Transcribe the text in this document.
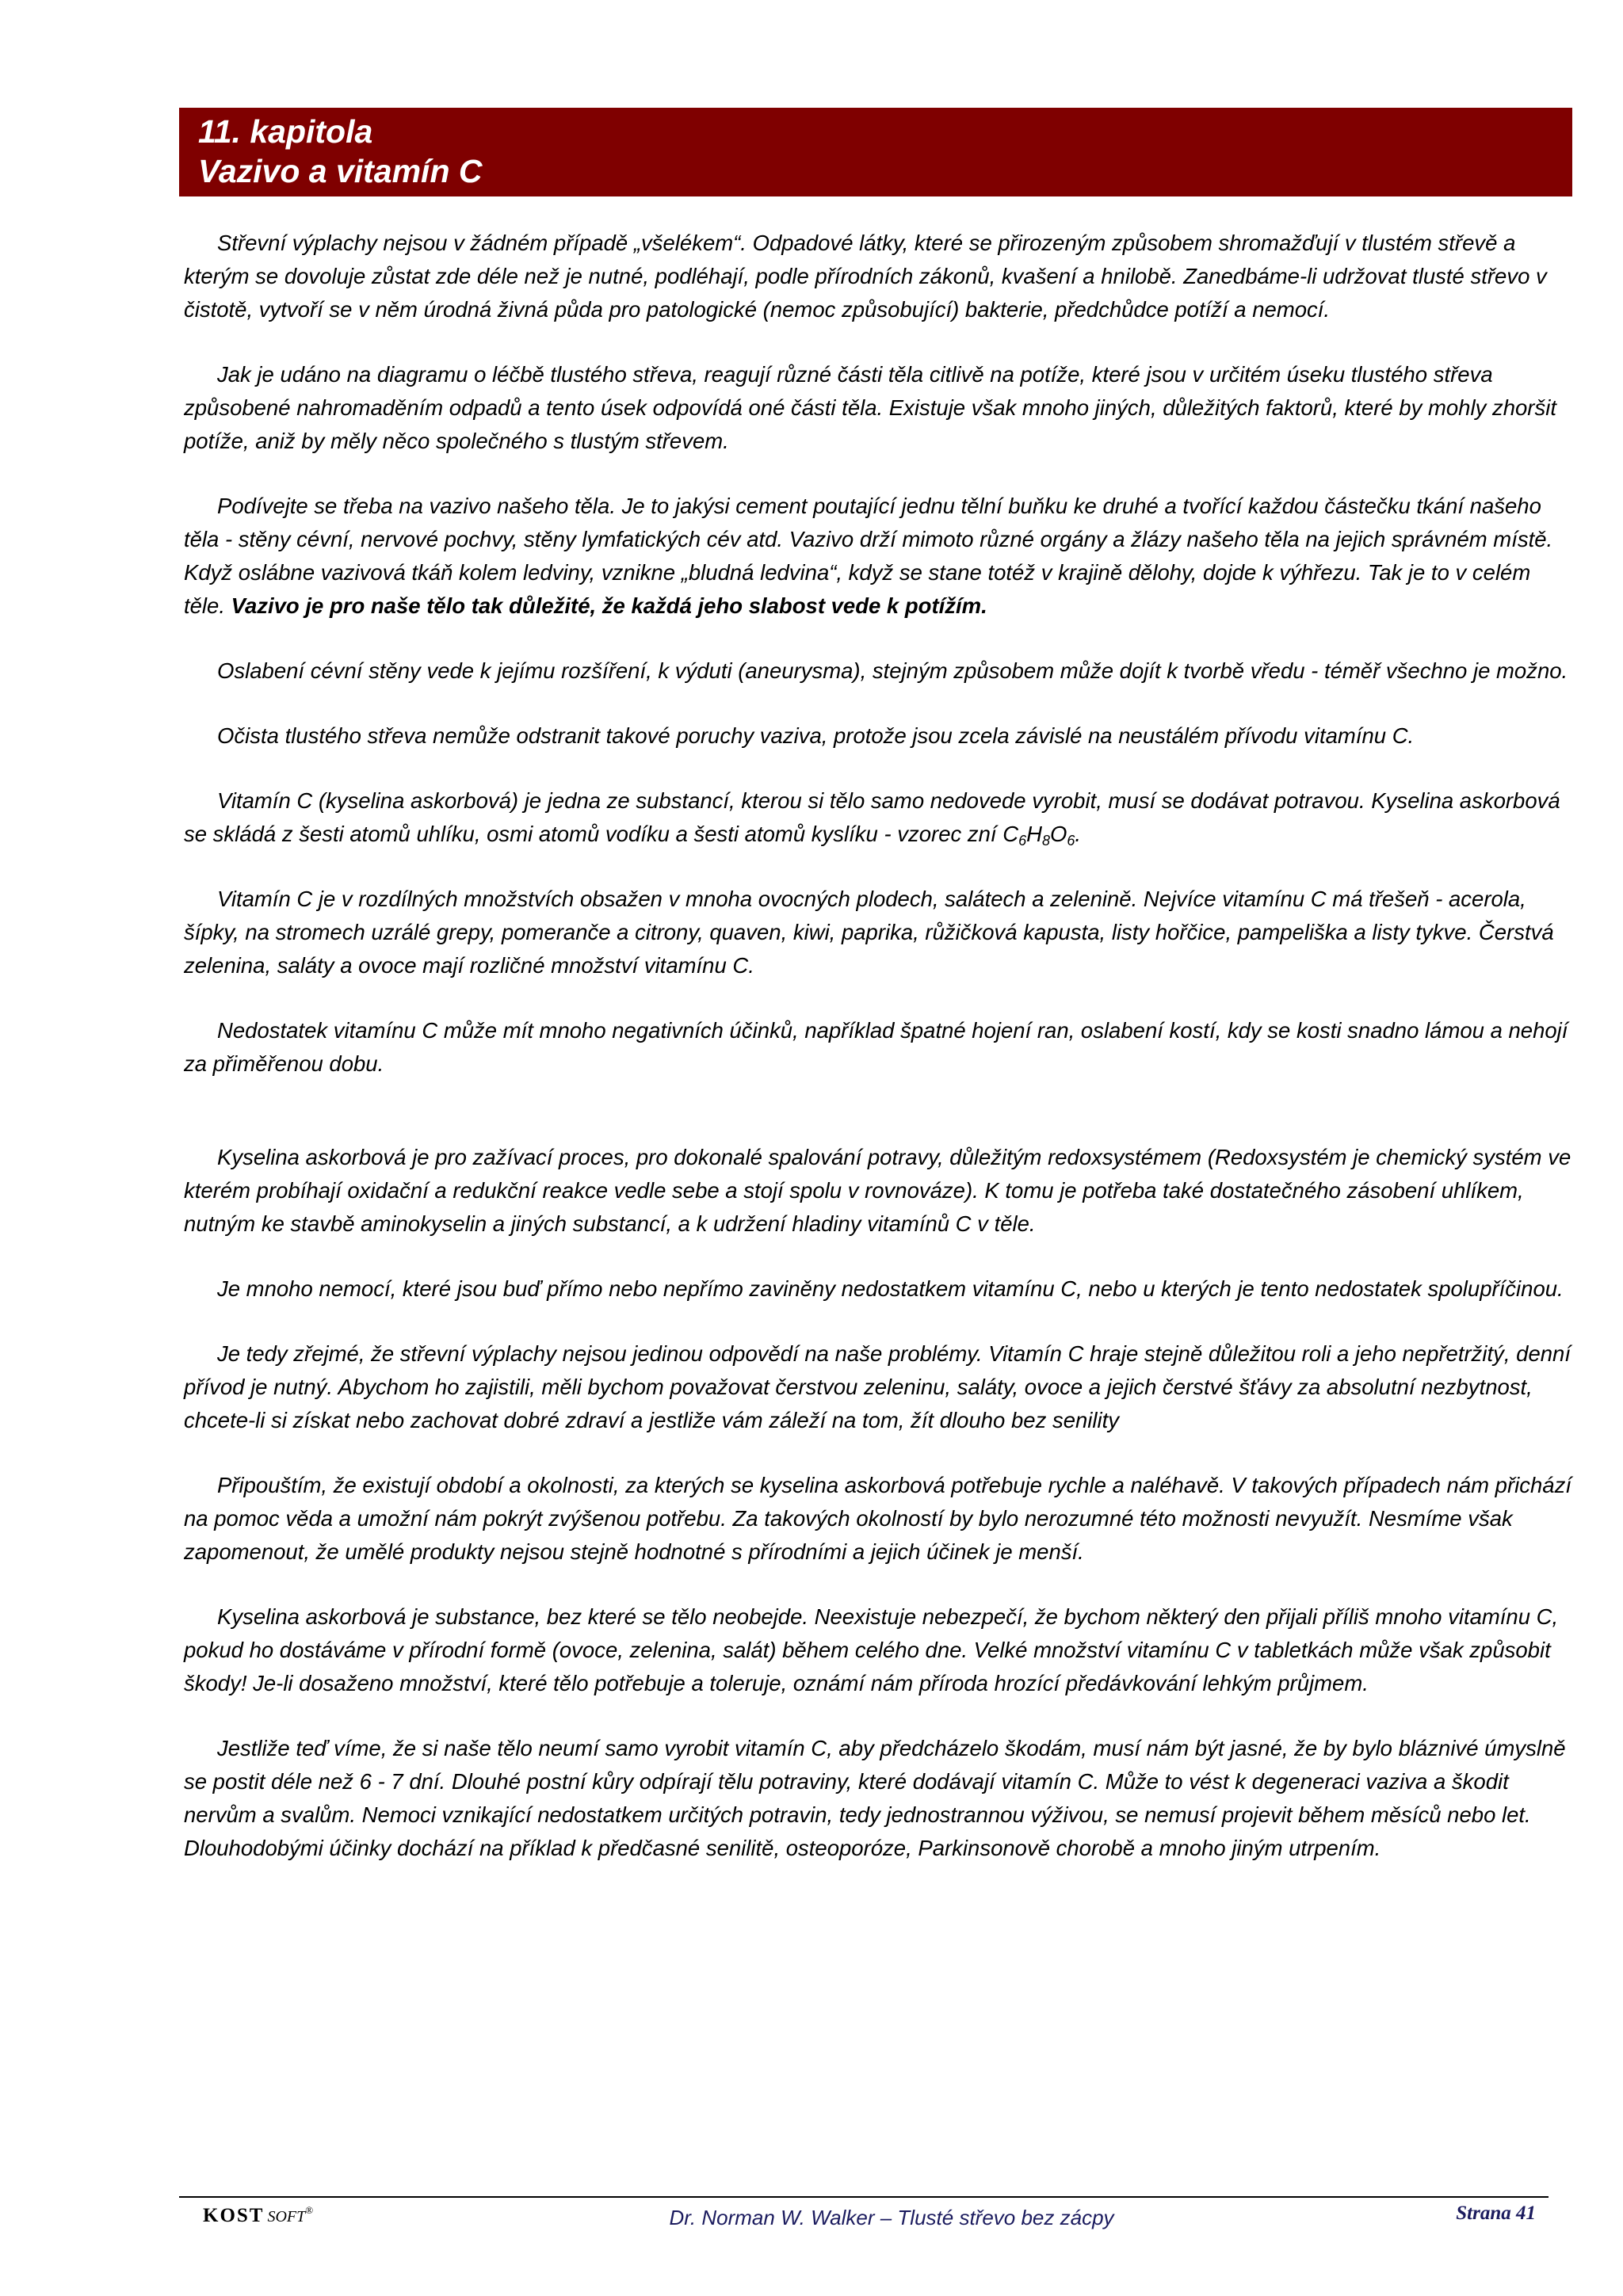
11. kapitola
Vazivo a vitamín C

Střevní výplachy nejsou v žádném případě „všelékem“. Odpadové látky, které se přirozeným způsobem shromažďují v tlustém střevě a kterým se dovoluje zůstat zde déle než je nutné, podléhají, podle přírodních zákonů, kvašení a hnilobě. Zanedbáme-li udržovat tlusté střevo v čistotě, vytvoří se v něm úrodná živná půda pro patologické (nemoc způsobující) bakterie, předchůdce potíží a nemocí.

Jak je udáno na diagramu o léčbě tlustého střeva, reagují různé části těla citlivě na potíže, které jsou v určitém úseku tlustého střeva způsobené nahromaděním odpadů a tento úsek odpovídá oné části těla. Existuje však mnoho jiných, důležitých faktorů, které by mohly zhoršit potíže, aniž by měly něco společného s tlustým střevem.

Podívejte se třeba na vazivo našeho těla. Je to jakýsi cement poutající jednu tělní buňku ke druhé a tvořící každou částečku tkání našeho těla - stěny cévní, nervové pochvy, stěny lymfatických cév atd. Vazivo drží mimoto různé orgány a žlázy našeho těla na jejich správném místě. Když oslábne vazivová tkáň kolem ledviny, vznikne „bludná ledvina“, když se stane totéž v krajině dělohy, dojde k výhřezu. Tak je to v celém těle. Vazivo je pro naše tělo tak důležité, že každá jeho slabost vede k potížím.

Oslabení cévní stěny vede k jejímu rozšíření, k výduti (aneurysma), stejným způsobem může dojít k tvorbě vředu - téměř všechno je možno.

Očista tlustého střeva nemůže odstranit takové poruchy vaziva, protože jsou zcela závislé na neustálém přívodu vitamínu C.

Vitamín C (kyselina askorbová) je jedna ze substancí, kterou si tělo samo nedovede vyrobit, musí se dodávat potravou. Kyselina askorbová se skládá z šesti atomů uhlíku, osmi atomů vodíku a šesti atomů kyslíku - vzorec zní $C_6H_8O_6$.

Vitamín C je v rozdílných množstvích obsažen v mnoha ovocných plodech, salátech a zelenině. Nejvíce vitamínu C má třešeň - acerola, šípky, na stromech uzrálé grepy, pomeranče a citrony, quaven, kiwi, paprika, růžičková kapusta, listy hořčice, pampeliška a listy tykve. Čerstvá zelenina, saláty a ovoce mají rozličné množství vitamínu C.

Nedostatek vitamínu C může mít mnoho negativních účinků, například špatné hojení ran, oslabení kostí, kdy se kosti snadno lámou a nehojí za přiměřenou dobu.

Kyselina askorbová je pro zažívací proces, pro dokonalé spalování potravy, důležitým redoxsystémem (Redoxsystém je chemický systém ve kterém probíhají oxidační a redukční reakce vedle sebe a stojí spolu v rovnováze). K tomu je potřeba také dostatečného zásobení uhlíkem, nutným ke stavbě aminokyselin a jiných substancí, a k udržení hladiny vitamínů C v těle.

Je mnoho nemocí, které jsou buď přímo nebo nepřímo zaviněny nedostatkem vitamínu C, nebo u kterých je tento nedostatek spolupříčinou.

Je tedy zřejmé, že střevní výplachy nejsou jedinou odpovědí na naše problémy. Vitamín C hraje stejně důležitou roli a jeho nepřetržitý, denní přívod je nutný. Abychom ho zajistili, měli bychom považovat čerstvou zeleninu, saláty, ovoce a jejich čerstvé šťávy za absolutní nezbytnost, chcete-li si získat nebo zachovat dobré zdraví a jestliže vám záleží na tom, žít dlouho bez senility

Připouštím, že existují období a okolnosti, za kterých se kyselina askorbová potřebuje rychle a naléhavě. V takových případech nám přichází na pomoc věda a umožní nám pokrýt zvýšenou potřebu. Za takových okolností by bylo nerozumné této možnosti nevyužít. Nesmíme však zapomenout, že umělé produkty nejsou stejně hodnotné s přírodními a jejich účinek je menší.

Kyselina askorbová je substance, bez které se tělo neobejde. Neexistuje nebezpečí, že bychom některý den přijali příliš mnoho vitamínu C, pokud ho dostáváme v přírodní formě (ovoce, zelenina, salát) během celého dne. Velké množství vitamínu C v tabletkách může však způsobit škody! Je-li dosaženo množství, které tělo potřebuje a toleruje, oznámí nám příroda hrozící předávkování lehkým průjmem.

Jestliže teď víme, že si naše tělo neumí samo vyrobit vitamín C, aby předcházelo škodám, musí nám být jasné, že by bylo bláznivé úmyslně se postit déle než 6 - 7 dní. Dlouhé postní kůry odpírají tělu potraviny, které dodávají vitamín C. Může to vést k degeneraci vaziva a škodit nervům a svalům. Nemoci vznikající nedostatkem určitých potravin, tedy jednostrannou výživou, se nemusí projevit během měsíců nebo let. Dlouhodobými účinky dochází na příklad k předčasné senilitě, osteoporóze, Parkinsonově chorobě a mnoho jiným utrpením.

KOST SOFT®	Dr. Norman W. Walker – Tlusté střevo bez zácpy	Strana 41
